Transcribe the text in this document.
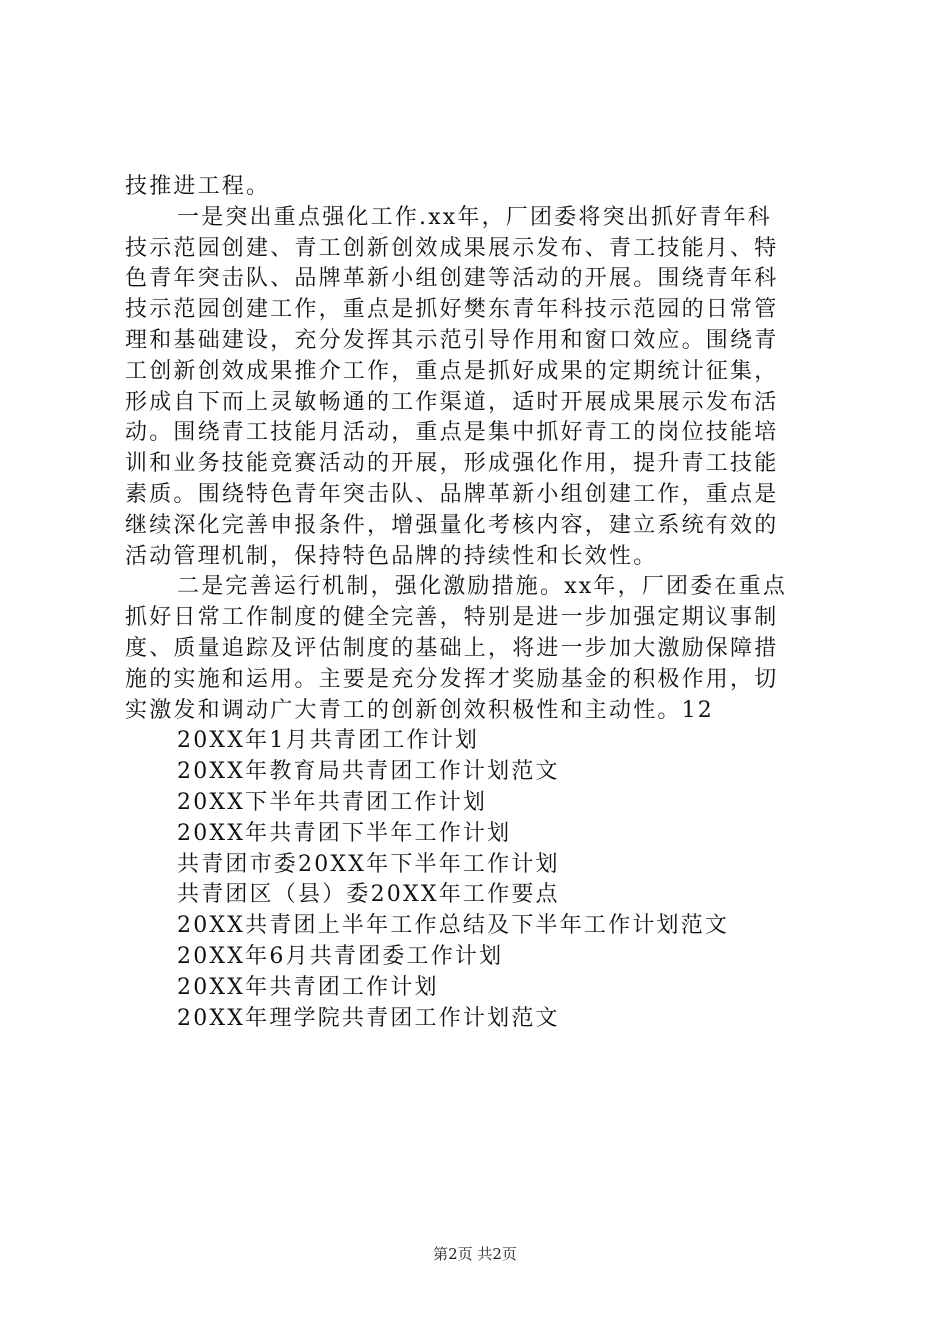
技推进工程。
一是突出重点强化工作.xx年，厂团委将突出抓好青年科
技示范园创建、青工创新创效成果展示发布、青工技能月、特
色青年突击队、品牌革新小组创建等活动的开展。围绕青年科
技示范园创建工作，重点是抓好樊东青年科技示范园的日常管
理和基础建设，充分发挥其示范引导作用和窗口效应。围绕青
工创新创效成果推介工作，重点是抓好成果的定期统计征集，
形成自下而上灵敏畅通的工作渠道，适时开展成果展示发布活
动。围绕青工技能月活动，重点是集中抓好青工的岗位技能培
训和业务技能竞赛活动的开展，形成强化作用，提升青工技能
素质。围绕特色青年突击队、品牌革新小组创建工作，重点是
继续深化完善申报条件，增强量化考核内容，建立系统有效的
活动管理机制，保持特色品牌的持续性和长效性。
二是完善运行机制，强化激励措施。xx年，厂团委在重点
抓好日常工作制度的健全完善，特别是进一步加强定期议事制
度、质量追踪及评估制度的基础上，将进一步加大激励保障措
施的实施和运用。主要是充分发挥才奖励基金的积极作用，切
实激发和调动广大青工的创新创效积极性和主动性。12
20XX年1月共青团工作计划
20XX年教育局共青团工作计划范文
20XX下半年共青团工作计划
20XX年共青团下半年工作计划
共青团市委20XX年下半年工作计划
共青团区（县）委20XX年工作要点
20XX共青团上半年工作总结及下半年工作计划范文
20XX年6月共青团委工作计划
20XX年共青团工作计划
20XX年理学院共青团工作计划范文
第2页 共2页
